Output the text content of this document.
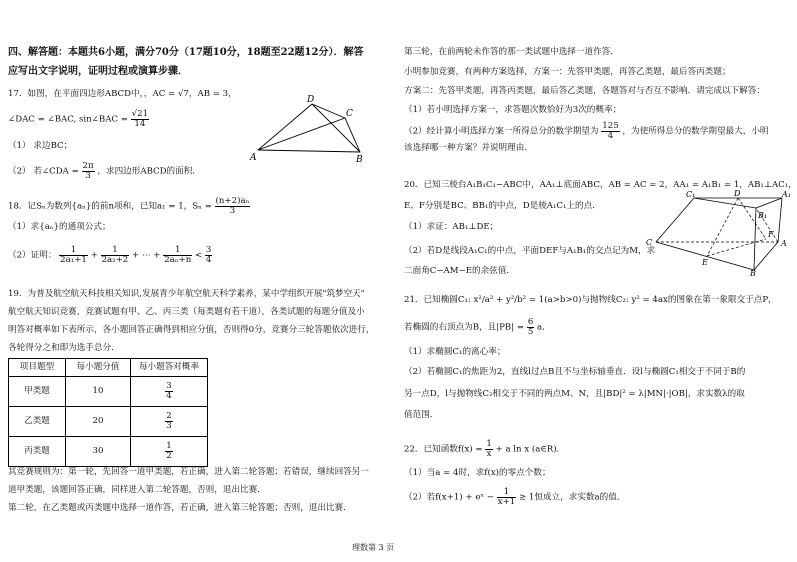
四、解答题：本题共6小题，满分70分（17题10分，18题至22题12分）．解答
应写出文字说明，证明过程或演算步骤．
17．如图，在平面四边形ABCD中，，AC = √7，AB = 3，
∠DAC = ∠BAC, sin∠BAC = $\frac{√21}{14}$
（1） 求边BC；
（2） 若∠CDA = $\frac{2\pi}{3}$ ，求四边形ABCD的面积．
D
C
A	B
18．记Sₙ为数列{aₙ}的前n项和，已知a₁ = 1，$S_n = \frac{\text{(n+2)aₙ}}{3}$
（1）求{aₙ}的通项公式；
（2）证明： $\frac{1}{\text{2a₁+1}} + \frac{1}{\text{2a₂+2}}$ + ⋯ + $\frac{1}{\text{2aₙ+n}} < \frac{3}{4}$
19．为普及航空航天科技相关知识,发展青少年航空航天科学素养，某中学组织开展"筑梦空天"
航空航天知识竞赛，竞赛试题有甲、乙、丙三类（每类题有若干道），各类试题的每题分值及小
明答对概率如下表所示，各小题回答正确得到相应分值，否则得0分，竞赛分三轮答题依次进行，
各轮得分之和即为选手总分．
项目题型	每小题分值	每小题答对概率
甲类题	10	$\frac{3}{4}$

乙类题	20	$\frac{2}{3}$

丙类题	30	$\frac{1}{2}$
其竞赛规则为：第一轮，先回答一道甲类题，若正确，进入第二轮答题；若错误，继续回答另一
道甲类题，该题回答正确，同样进入第二轮答题，否则，退出比赛．
第二轮，在乙类题或丙类题中选择一道作答，若正确，进入第三轮答题；否则，退出比赛．
第三轮，在前两轮未作答的那一类试题中选择一道作答．
小明参加竞赛，有两种方案选择，方案一：先答甲类题，再答乙类题，最后答丙类题；
方案二：先答甲类题，再答丙类题，最后答乙类题，各题答对与否互不影响．请完成以下解答：
（1）若小明选择方案一，求答题次数恰好为3次的概率；
（2）经计算小明选择方案一所得总分的数学期望为 $\frac{125}{4}$ ，为使所得总分的数学期望最大，小明
该选择哪一种方案？并说明理由．
20．已知三棱台A₁B₁C₁−ABC中，AA₁⊥底面ABC，AB = AC = 2，AA₁ = A₁B₁ = 1，AB₁⊥AC₁，
E、F分别是BC、BB₁的中点，D是棱A₁C₁上的点．
（1）求证：AB₁⊥DE；
（2）若D是线段A₁C₁的中点，平面DEF与A₁B₁的交点记为M，求
二面角C−AM−E的余弦值．
C₁	D	A₁
B₁
C
F
A
E
B
21．已知椭圆C₁: x²/a² + y²/b² = 1(a>b>0)与抛物线C₂: y² = 4ax的图象在第一象限交于点P，
若椭圆的右顶点为B，且$|PB| = \frac{6}{5}$ a．
（1）求椭圆C₁的离心率；
（2）若椭圆C₁的焦距为2，直线l过点B且不与坐标轴垂直．设l与椭圆C₁相交于不同于B的
另一点D，l与抛物线C₂相交于不同的两点M、N，且|BD|² = λ|MN|·|OB|，求实数λ的取
值范围．
22．已知函数$f(x) = \frac{1}{x} + a$ ln x (a∈R)．
（1）当a = 4时，求f(x)的零点个数；
（2）若f(x+1) + eˣ − $\frac{1}{x+1} \ge 1$恒成立，求实数a的值．
理数第 3 页
